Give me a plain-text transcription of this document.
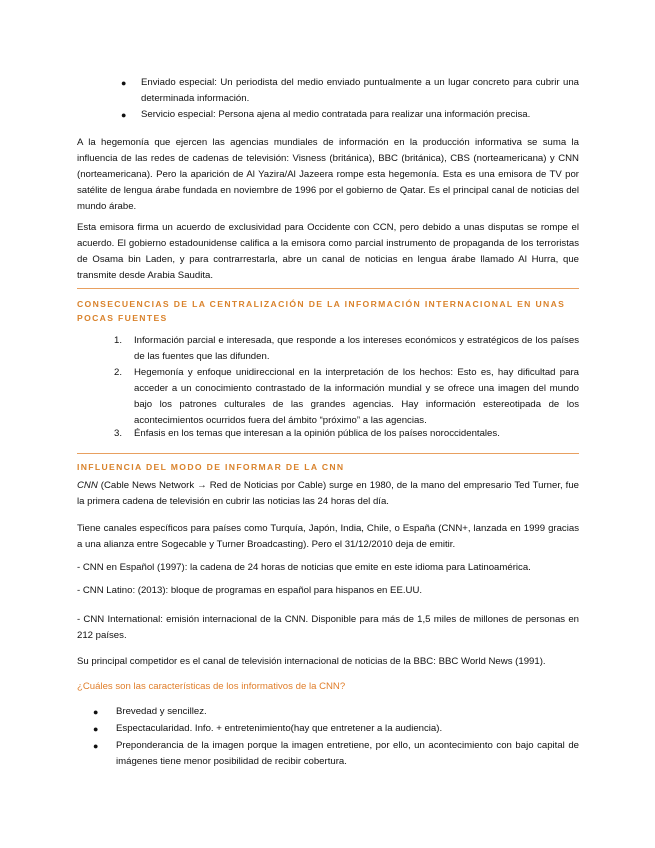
● Enviado especial: Un periodista del medio enviado puntualmente a un lugar concreto para cubrir una determinada información.

● Servicio especial: Persona ajena al medio contratada para realizar una información precisa.

A la hegemonía que ejercen las agencias mundiales de información en la producción informativa se suma la influencia de las redes de cadenas de televisión: Visness (británica), BBC (británica), CBS (norteamericana) y CNN (norteamericana). Pero la aparición de Al Yazira/Al Jazeera rompe esta hegemonía. Esta es una emisora de TV por satélite de lengua árabe fundada en noviembre de 1996 por el gobierno de Qatar. Es el principal canal de noticias del mundo árabe.

Esta emisora firma un acuerdo de exclusividad para Occidente con CCN, pero debido a unas disputas se rompe el acuerdo. El gobierno estadounidense califica a la emisora como parcial instrumento de propaganda de los terroristas de Osama bin Laden, y para contrarrestarla, abre un canal de noticias en lengua árabe llamado Al Hurra, que transmite desde Arabia Saudita.

CONSECUENCIAS DE LA CENTRALIZACIÓN DE LA INFORMACIÓN INTERNACIONAL EN UNAS POCAS FUENTES

1. Información parcial e interesada, que responde a los intereses económicos y estratégicos de los países de las fuentes que las difunden.

2. Hegemonía y enfoque unidireccional en la interpretación de los hechos: Esto es, hay dificultad para acceder a un conocimiento contrastado de la información mundial y se ofrece una imagen del mundo bajo los patrones culturales de las grandes agencias. Hay información estereotipada de los acontecimientos ocurridos fuera del ámbito “próximo” a las agencias.

3. Énfasis en los temas que interesan a la opinión pública de los países noroccidentales.

INFLUENCIA DEL MODO DE INFORMAR DE LA CNN

CNN (Cable News Network → Red de Noticias por Cable) surge en 1980, de la mano del empresario Ted Turner, fue la primera cadena de televisión en cubrir las noticias las 24 horas del día.

Tiene canales específicos para países como Turquía, Japón, India, Chile, o España (CNN+, lanzada en 1999 gracias a una alianza entre Sogecable y Turner Broadcasting). Pero el 31/12/2010 deja de emitir.

- CNN en Español (1997): la cadena de 24 horas de noticias que emite en este idioma para Latinoamérica.

- CNN Latino: (2013): bloque de programas en español para hispanos en EE.UU.

- CNN International: emisión internacional de la CNN. Disponible para más de 1,5 miles de millones de personas en 212 países.

Su principal competidor es el canal de televisión internacional de noticias de la BBC: BBC World News (1991).

¿Cuáles son las características de los informativos de la CNN?

● Brevedad y sencillez.

● Espectacularidad. Info. + entretenimiento(hay que entretener a la audiencia).

● Preponderancia de la imagen porque la imagen entretiene, por ello, un acontecimiento con bajo capital de imágenes tiene menor posibilidad de recibir cobertura.
